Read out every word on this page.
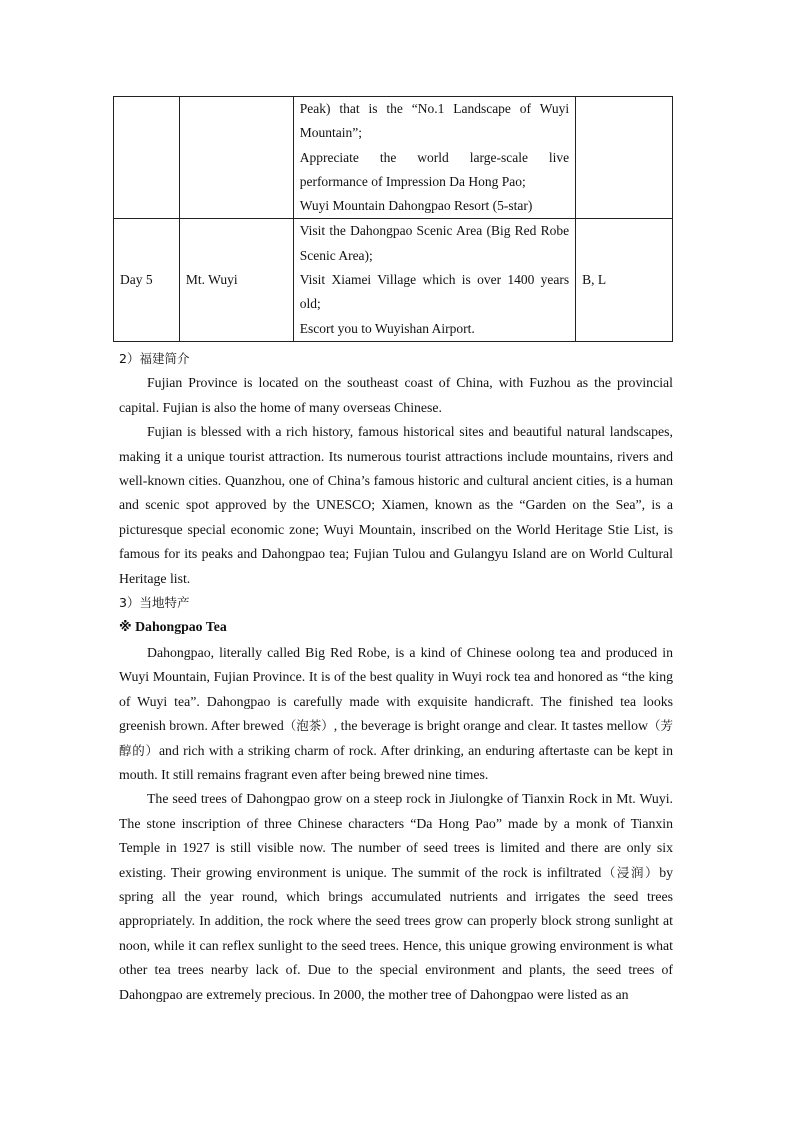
		Peak) that is the “No.1 Landscape of Wuyi Mountain”;
Appreciate the world large-scale live performance of Impression Da Hong Pao;
Wuyi Mountain Dahongpao Resort (5-star)	

Day 5	Mt. Wuyi	Visit the Dahongpao Scenic Area (Big Red Robe Scenic Area);
Visit Xiamei Village which is over 1400 years old;
Escort you to Wuyishan Airport.	B, L

2）福建简介

Fujian Province is located on the southeast coast of China, with Fuzhou as the provincial capital. Fujian is also the home of many overseas Chinese.

Fujian is blessed with a rich history, famous historical sites and beautiful natural landscapes, making it a unique tourist attraction. Its numerous tourist attractions include mountains, rivers and well-known cities. Quanzhou, one of China’s famous historic and cultural ancient cities, is a human and scenic spot approved by the UNESCO; Xiamen, known as the “Garden on the Sea”, is a picturesque special economic zone; Wuyi Mountain, inscribed on the World Heritage Stie List, is famous for its peaks and Dahongpao tea; Fujian Tulou and Gulangyu Island are on World Cultural Heritage list.

3）当地特产

※ Dahongpao Tea

Dahongpao, literally called Big Red Robe, is a kind of Chinese oolong tea and produced in Wuyi Mountain, Fujian Province. It is of the best quality in Wuyi rock tea and honored as “the king of Wuyi tea”. Dahongpao is carefully made with exquisite handicraft. The finished tea looks greenish brown. After brewed（泡茶）, the beverage is bright orange and clear. It tastes mellow（芳醇的）and rich with a striking charm of rock. After drinking, an enduring aftertaste can be kept in mouth. It still remains fragrant even after being brewed nine times.

The seed trees of Dahongpao grow on a steep rock in Jiulongke of Tianxin Rock in Mt. Wuyi. The stone inscription of three Chinese characters “Da Hong Pao” made by a monk of Tianxin Temple in 1927 is still visible now. The number of seed trees is limited and there are only six existing. Their growing environment is unique. The summit of the rock is infiltrated（浸润）by spring all the year round, which brings accumulated nutrients and irrigates the seed trees appropriately. In addition, the rock where the seed trees grow can properly block strong sunlight at noon, while it can reflex sunlight to the seed trees. Hence, this unique growing environment is what other tea trees nearby lack of. Due to the special environment and plants, the seed trees of Dahongpao are extremely precious. In 2000, the mother tree of Dahongpao were listed as an
